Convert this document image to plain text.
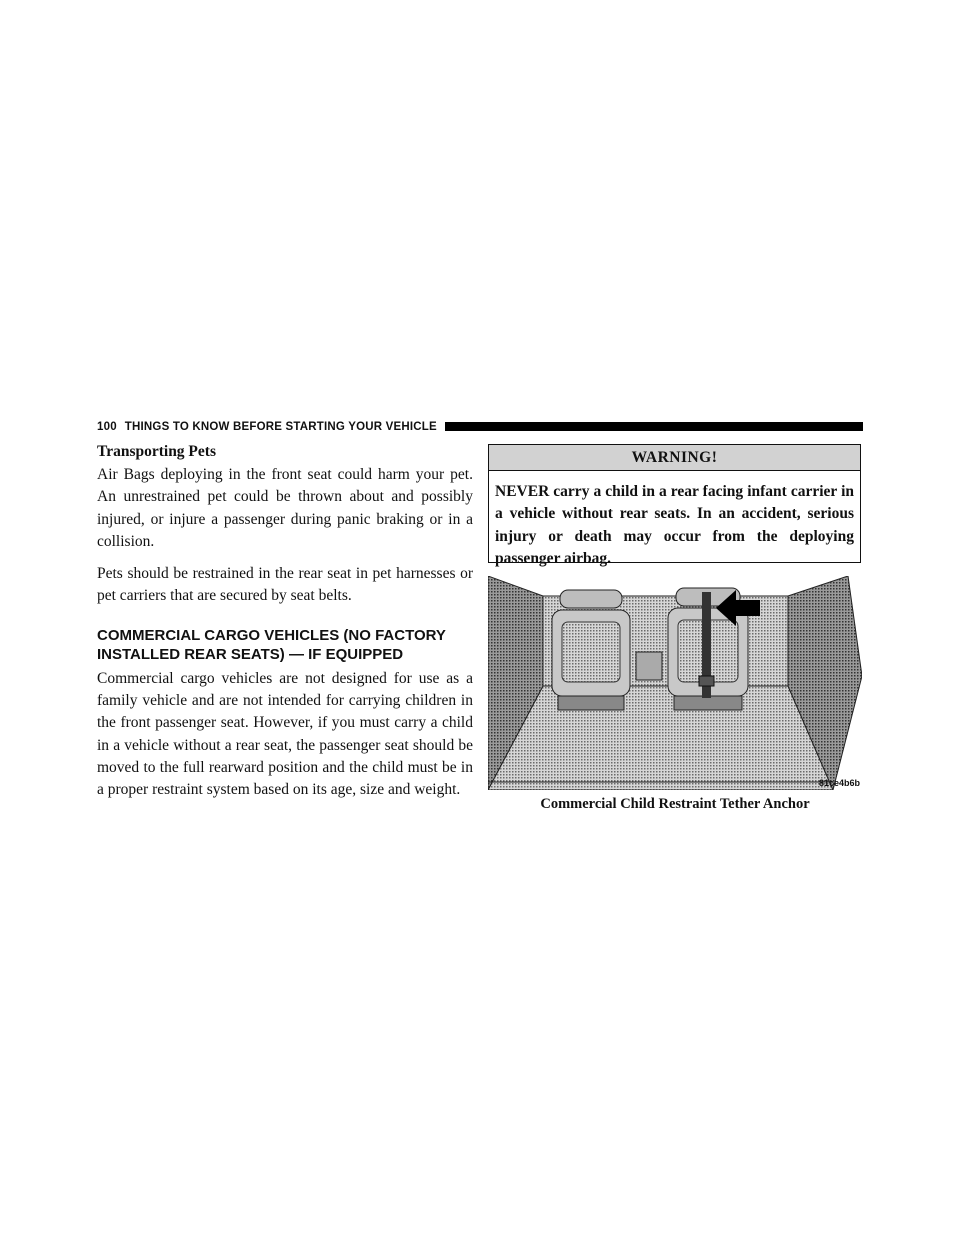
100 THINGS TO KNOW BEFORE STARTING YOUR VEHICLE
Transporting Pets

Air Bags deploying in the front seat could harm your pet. An unrestrained pet could be thrown about and possibly injured, or injure a passenger during panic braking or in a collision.

Pets should be restrained in the rear seat in pet harnesses or pet carriers that are secured by seat belts.

COMMERCIAL CARGO VEHICLES (NO FACTORY INSTALLED REAR SEATS) — IF EQUIPPED

Commercial cargo vehicles are not designed for use as a family vehicle and are not intended for carrying children in the front passenger seat. However, if you must carry a child in a vehicle without a rear seat, the passenger seat should be moved to the full rearward position and the child must be in a proper restraint system based on its age, size and weight.

WARNING!
NEVER carry a child in a rear facing infant carrier in a vehicle without rear seats. In an accident, serious injury or death may occur from the deploying passenger airbag.
81ce4b6b
Commercial Child Restraint Tether Anchor
